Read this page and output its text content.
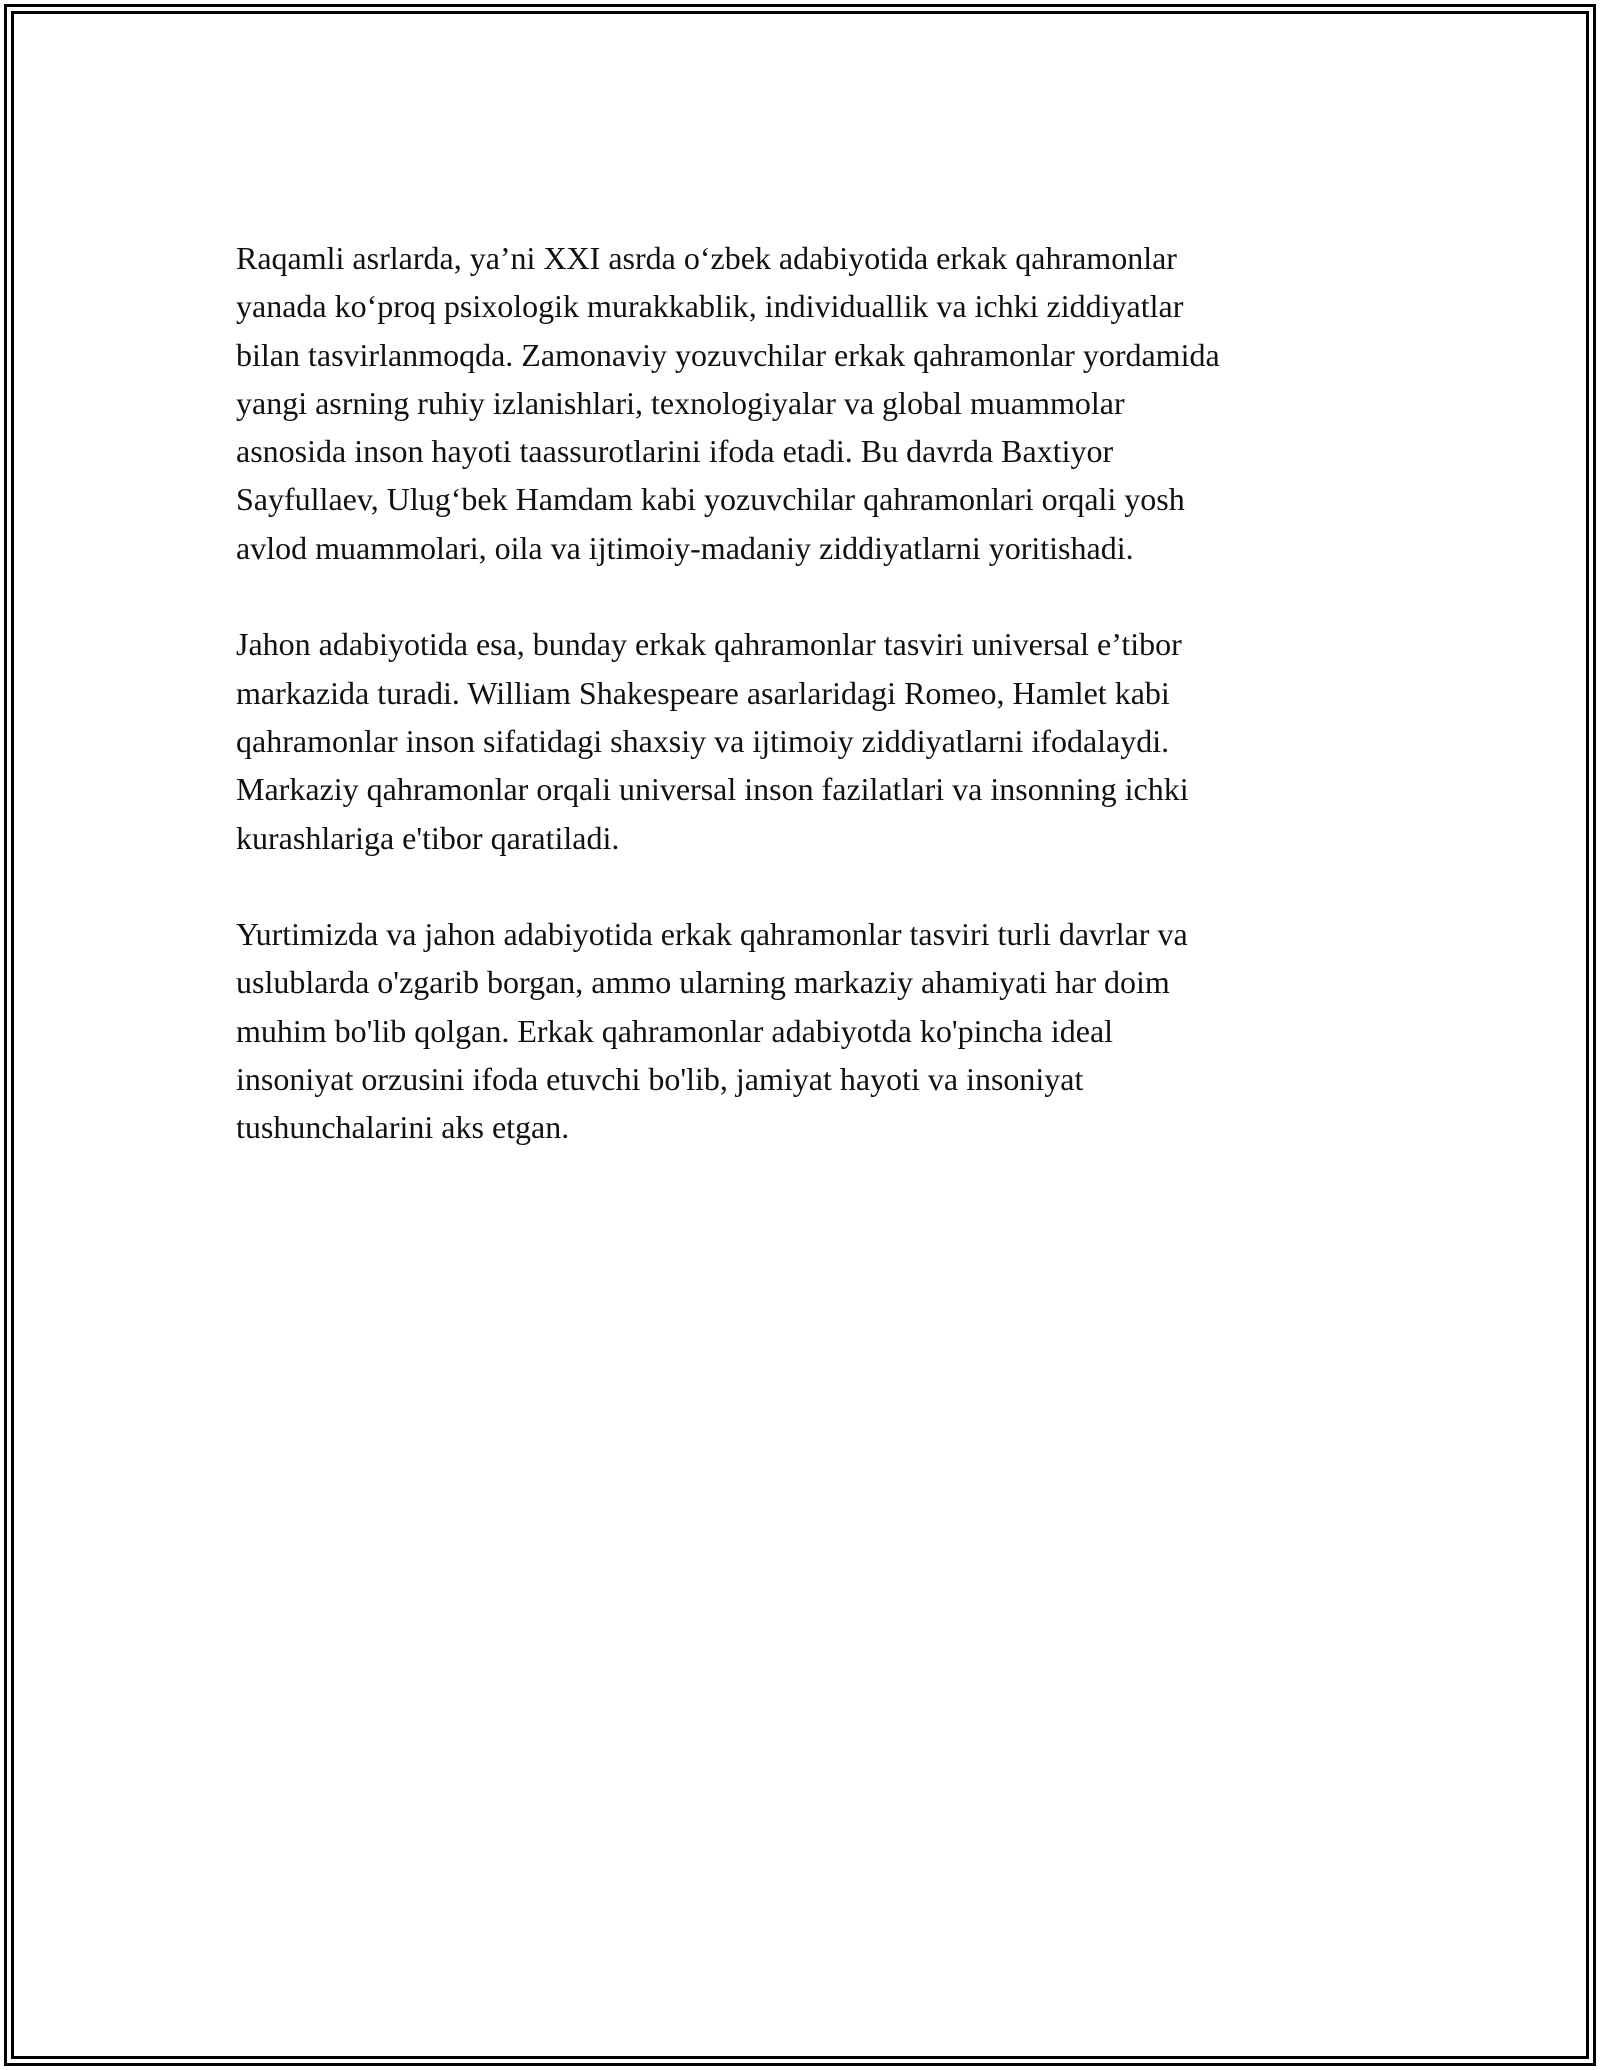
Raqamli asrlarda, ya’ni XXI asrda o‘zbek adabiyotida erkak qahramonlar
yanada ko‘proq psixologik murakkablik, individuallik va ichki ziddiyatlar
bilan tasvirlanmoqda. Zamonaviy yozuvchilar erkak qahramonlar yordamida
yangi asrning ruhiy izlanishlari, texnologiyalar va global muammolar
asnosida inson hayoti taassurotlarini ifoda etadi. Bu davrda Baxtiyor
Sayfullaev, Ulug‘bek Hamdam kabi yozuvchilar qahramonlari orqali yosh
avlod muammolari, oila va ijtimoiy-madaniy ziddiyatlarni yoritishadi.

Jahon adabiyotida esa, bunday erkak qahramonlar tasviri universal e’tibor
markazida turadi. William Shakespeare asarlaridagi Romeo, Hamlet kabi
qahramonlar inson sifatidagi shaxsiy va ijtimoiy ziddiyatlarni ifodalaydi.
Markaziy qahramonlar orqali universal inson fazilatlari va insonning ichki
kurashlariga e'tibor qaratiladi.

Yurtimizda va jahon adabiyotida erkak qahramonlar tasviri turli davrlar va
uslublarda o'zgarib borgan, ammo ularning markaziy ahamiyati har doim
muhim bo'lib qolgan. Erkak qahramonlar adabiyotda ko'pincha ideal
insoniyat orzusini ifoda etuvchi bo'lib, jamiyat hayoti va insoniyat
tushunchalarini aks etgan.
